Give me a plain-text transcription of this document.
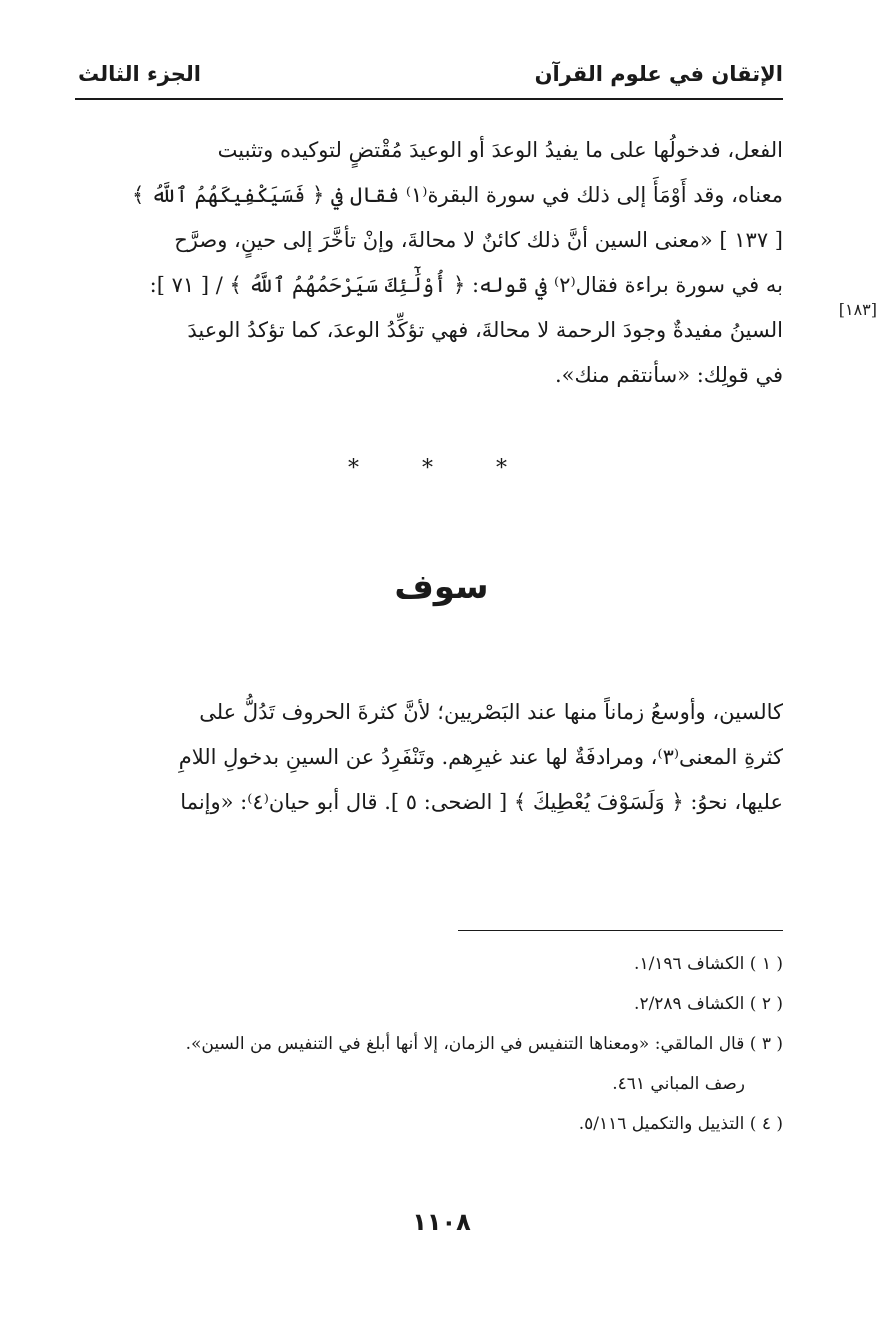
الإتقان في علوم القرآن
الجزء الثالث
الفعل، فدخولُها على ما يفيدُ الوعدَ أو الوعيدَ مُقْتضٍ لتوكيده وتثبيت
معناه، وقد أَوْمَأَ إلى ذلك في سورة البقرة⁽١⁾ فقال في ﴿ فَسَيَكْفِيكَهُمُ ٱللَّهُ ﴾
[ ١٣٧ ] «معنى السين أنَّ ذلك كائنٌ لا محالةَ، وإنْ تأخَّرَ إلى حينٍ، وصرَّح
به في سورة براءة فقال⁽٢⁾ في قوله: ﴿ أُوْلَٰٓئِكَ سَيَرْحَمُهُمُ ٱللَّهُ ﴾ / [ ٧١ ]:
السينُ مفيدةٌ وجودَ الرحمة لا محالةَ، فهي تؤكِّدُ الوعدَ، كما تؤكدُ الوعيدَ
في قولِك: «سأنتقم منك».
[١٨٣]
* * *
سوف
كالسين، وأوسعُ زماناً منها عند البَصْريين؛ لأنَّ كثرةَ الحروف تَدُلُّ على
كثرةِ المعنى⁽٣⁾، ومرادفَةٌ لها عند غيرِهم. وتَنْفَرِدُ عن السينِ بدخولِ اللامِ
عليها، نحوُ: ﴿ وَلَسَوْفَ يُعْطِيكَ ﴾ [ الضحى: ٥ ]. قال أبو حيان⁽٤⁾: «وإنما
( ١ ) الكشاف ١/١٩٦.
( ٢ ) الكشاف ٢/٢٨٩.
( ٣ ) قال المالقي: «ومعناها التنفيس في الزمان، إلا أنها أبلغ في التنفيس من السين».
رصف المباني ٤٦١.
( ٤ ) التذييل والتكميل ٥/١١٦.
١١٠٨
